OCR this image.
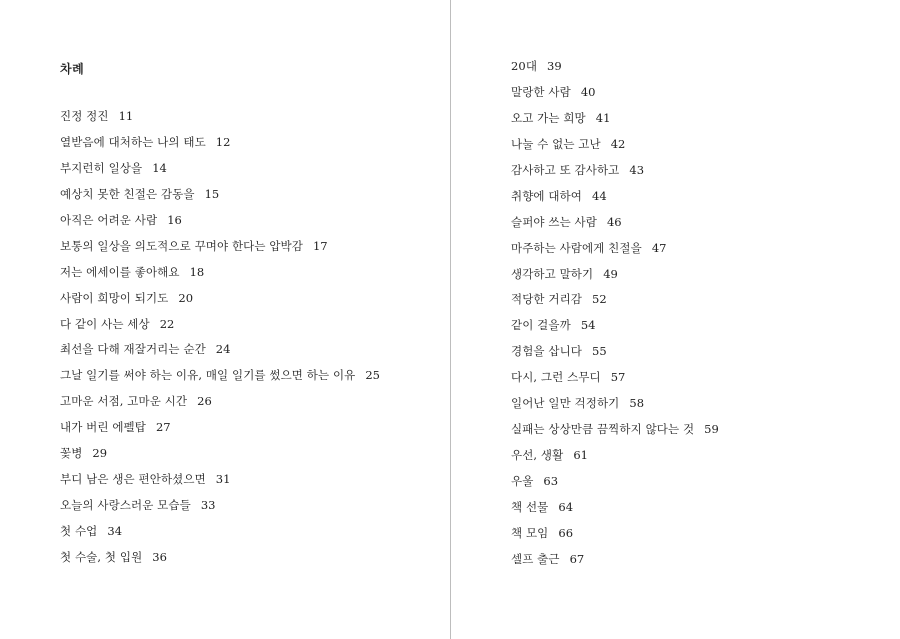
차례
진정 정진 11
열받음에 대처하는 나의 태도 12
부지런히 일상을 14
예상치 못한 친절은 감동을 15
아직은 어려운 사람 16
보통의 일상을 의도적으로 꾸며야 한다는 압박감 17
저는 에세이를 좋아해요 18
사람이 희망이 되기도 20
다 같이 사는 세상 22
최선을 다해 재잘거리는 순간 24
그날 일기를 써야 하는 이유, 매일 일기를 썼으면 하는 이유 25
고마운 서점, 고마운 시간 26
내가 버린 에펠탑 27
꽃병 29
부디 남은 생은 편안하셨으면 31
오늘의 사랑스러운 모습들 33
첫 수업 34
첫 수술, 첫 입원 36
20대 39
말랑한 사람 40
오고 가는 희망 41
나눌 수 없는 고난 42
감사하고 또 감사하고 43
취향에 대하여 44
슬퍼야 쓰는 사람 46
마주하는 사람에게 친절을 47
생각하고 말하기 49
적당한 거리감 52
같이 걸을까 54
경험을 삽니다 55
다시, 그런 스무디 57
일어난 일만 걱정하기 58
실패는 상상만큼 끔찍하지 않다는 것 59
우선, 생활 61
우울 63
책 선물 64
책 모임 66
셀프 출근 67
